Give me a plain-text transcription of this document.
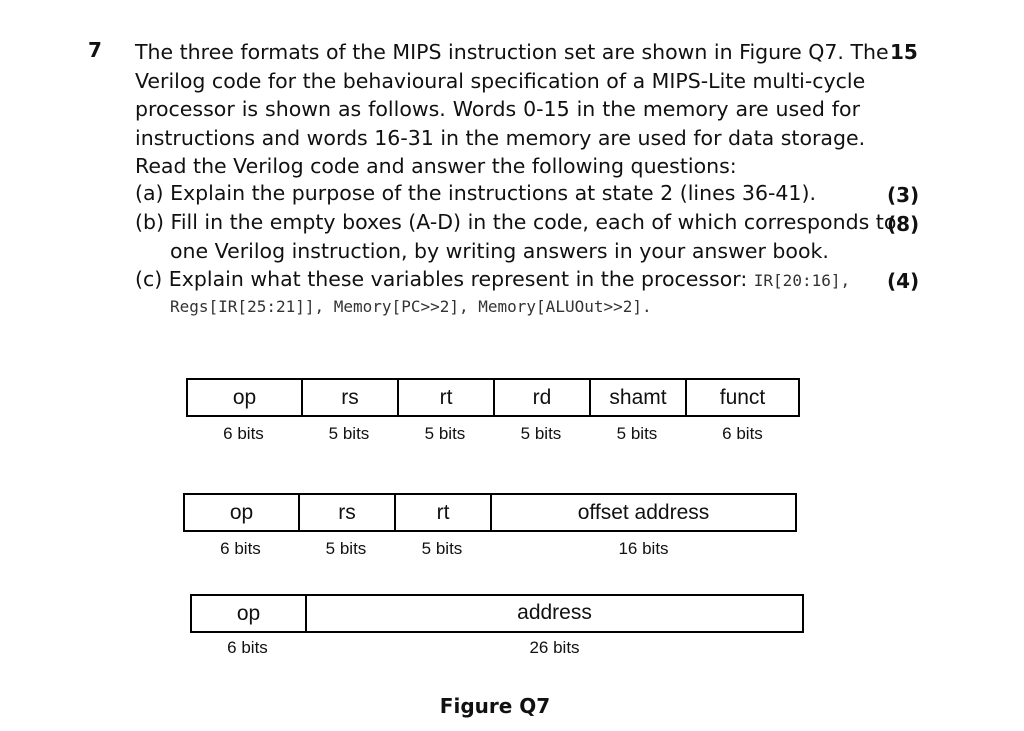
7	15
The three formats of the MIPS instruction set are shown in Figure Q7. The
Verilog code for the behavioural specification of a MIPS-Lite multi-cycle
processor is shown as follows. Words 0-15 in the memory are used for
instructions and words 16-31 in the memory are used for data storage.
Read the Verilog code and answer the following questions:
(a) Explain the purpose of the instructions at state 2 (lines 36-41).	(3)
(b) Fill in the empty boxes (A-D) in the code, each of which corresponds to
(8)
one Verilog instruction, by writing answers in your answer book.
(c) Explain what these variables represent in the processor: IR[20:16], (4)
Regs[IR[25:21]], Memory[PC>>2], Memory[ALUOut>>2].
op	rs	rt	rd	shamt	funct
6 bits	5 bits	5 bits	5 bits	5 bits	6 bits
op	rs	rt	offset address
6 bits	5 bits	5 bits	16 bits
op	address
6 bits	26 bits
Figure Q7
